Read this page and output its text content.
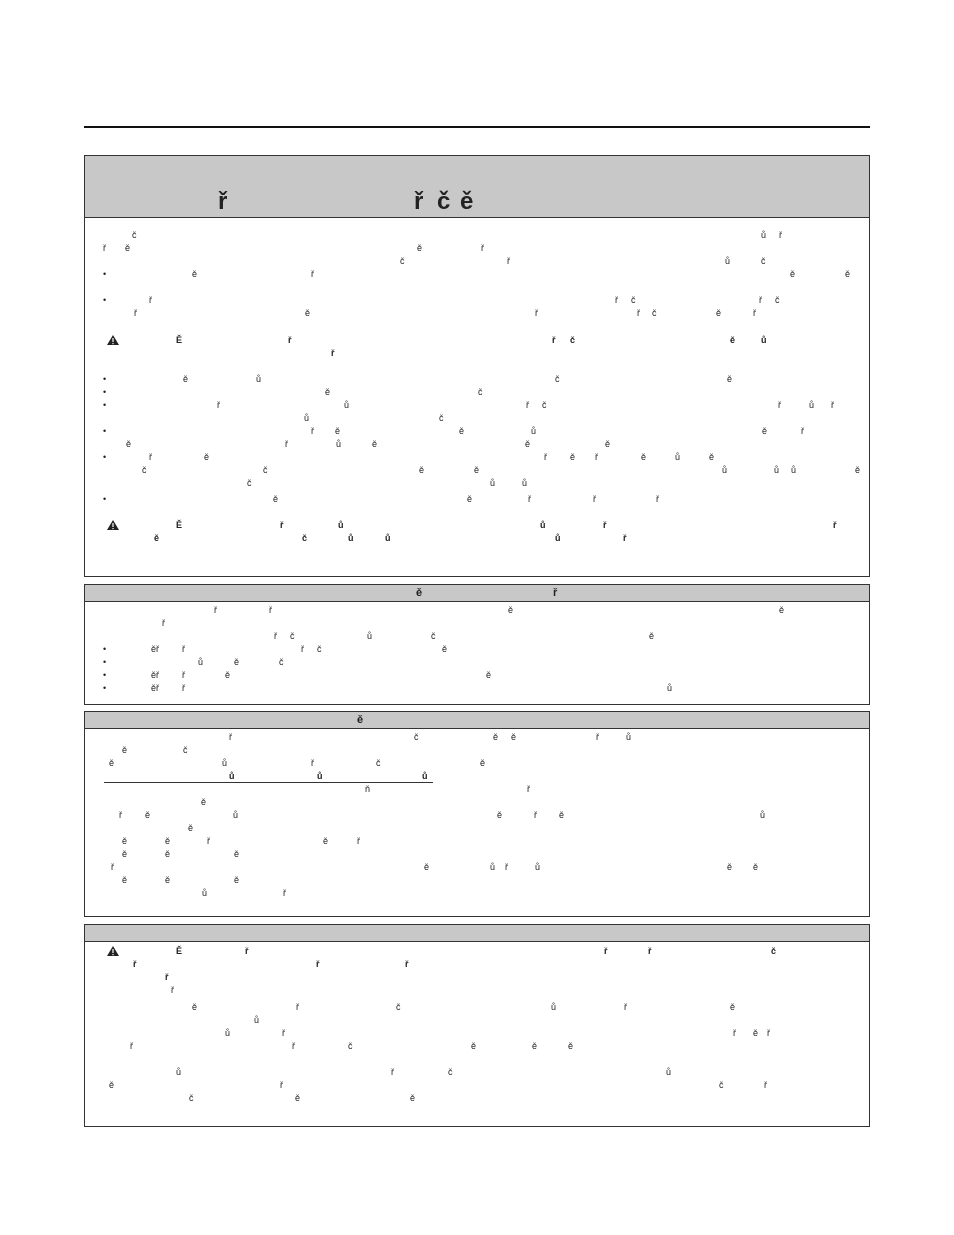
ř	ř č ě
č	ů ř
ř ě	ě	ř
č	ř	ů	č
•	ě	ř	ě	ě
•	ř	ř č	ř č
ř	ě	ř	ř č	ě	ř
Ě	ř	ř č	ě	ů
ř
•	ě	ů	č	ě
•	ě	č
•	ř	ů	ř č	ř	ů ř
ů	č
•	ř ě	ě	ů	ě	ř
ě	ř	ů	ě	ě	ě
•	ř	ě	ř	ě ř	ě	ů	ě
č	č	ě	ě	ů	ů ů	ě
č	ů	ů
•	ě	ě	ř	ř	ř
Ě	ř	ů	ů	ř	ř
ě	č	ů	ů	ů	ř
ě	ř
ř	ř	ě	ě
ř
ř č	ů	č	ě
•	ěř	ř	ř č	ě
•	ů	ě	č
•	ěř	ř	ě	ě
•	ěř	ř	ů
ě
ř	č	ě ě	ř	ů
ě	č
ě	ů	ř	č	ě
ů	ů	ů
ň	ř
ě
ř	ě	ů	ě	ř ě	ů
ě
ě	ě	ř	ě	ř
ě	ě	ě
ř	ě	ů ř	ů	ě ě
ě	ě	ě
ů	ř
Ě	ř	ř	ř	č
ř	ř	ř
ř
ř
ě	ř	č	ů	ř	ě
ů
ů	ř	ř ě ř
ř	ř	č	ě	ě	ě
ů	ř	č	ů
ě	ř	č	ř
č	ě	ě
